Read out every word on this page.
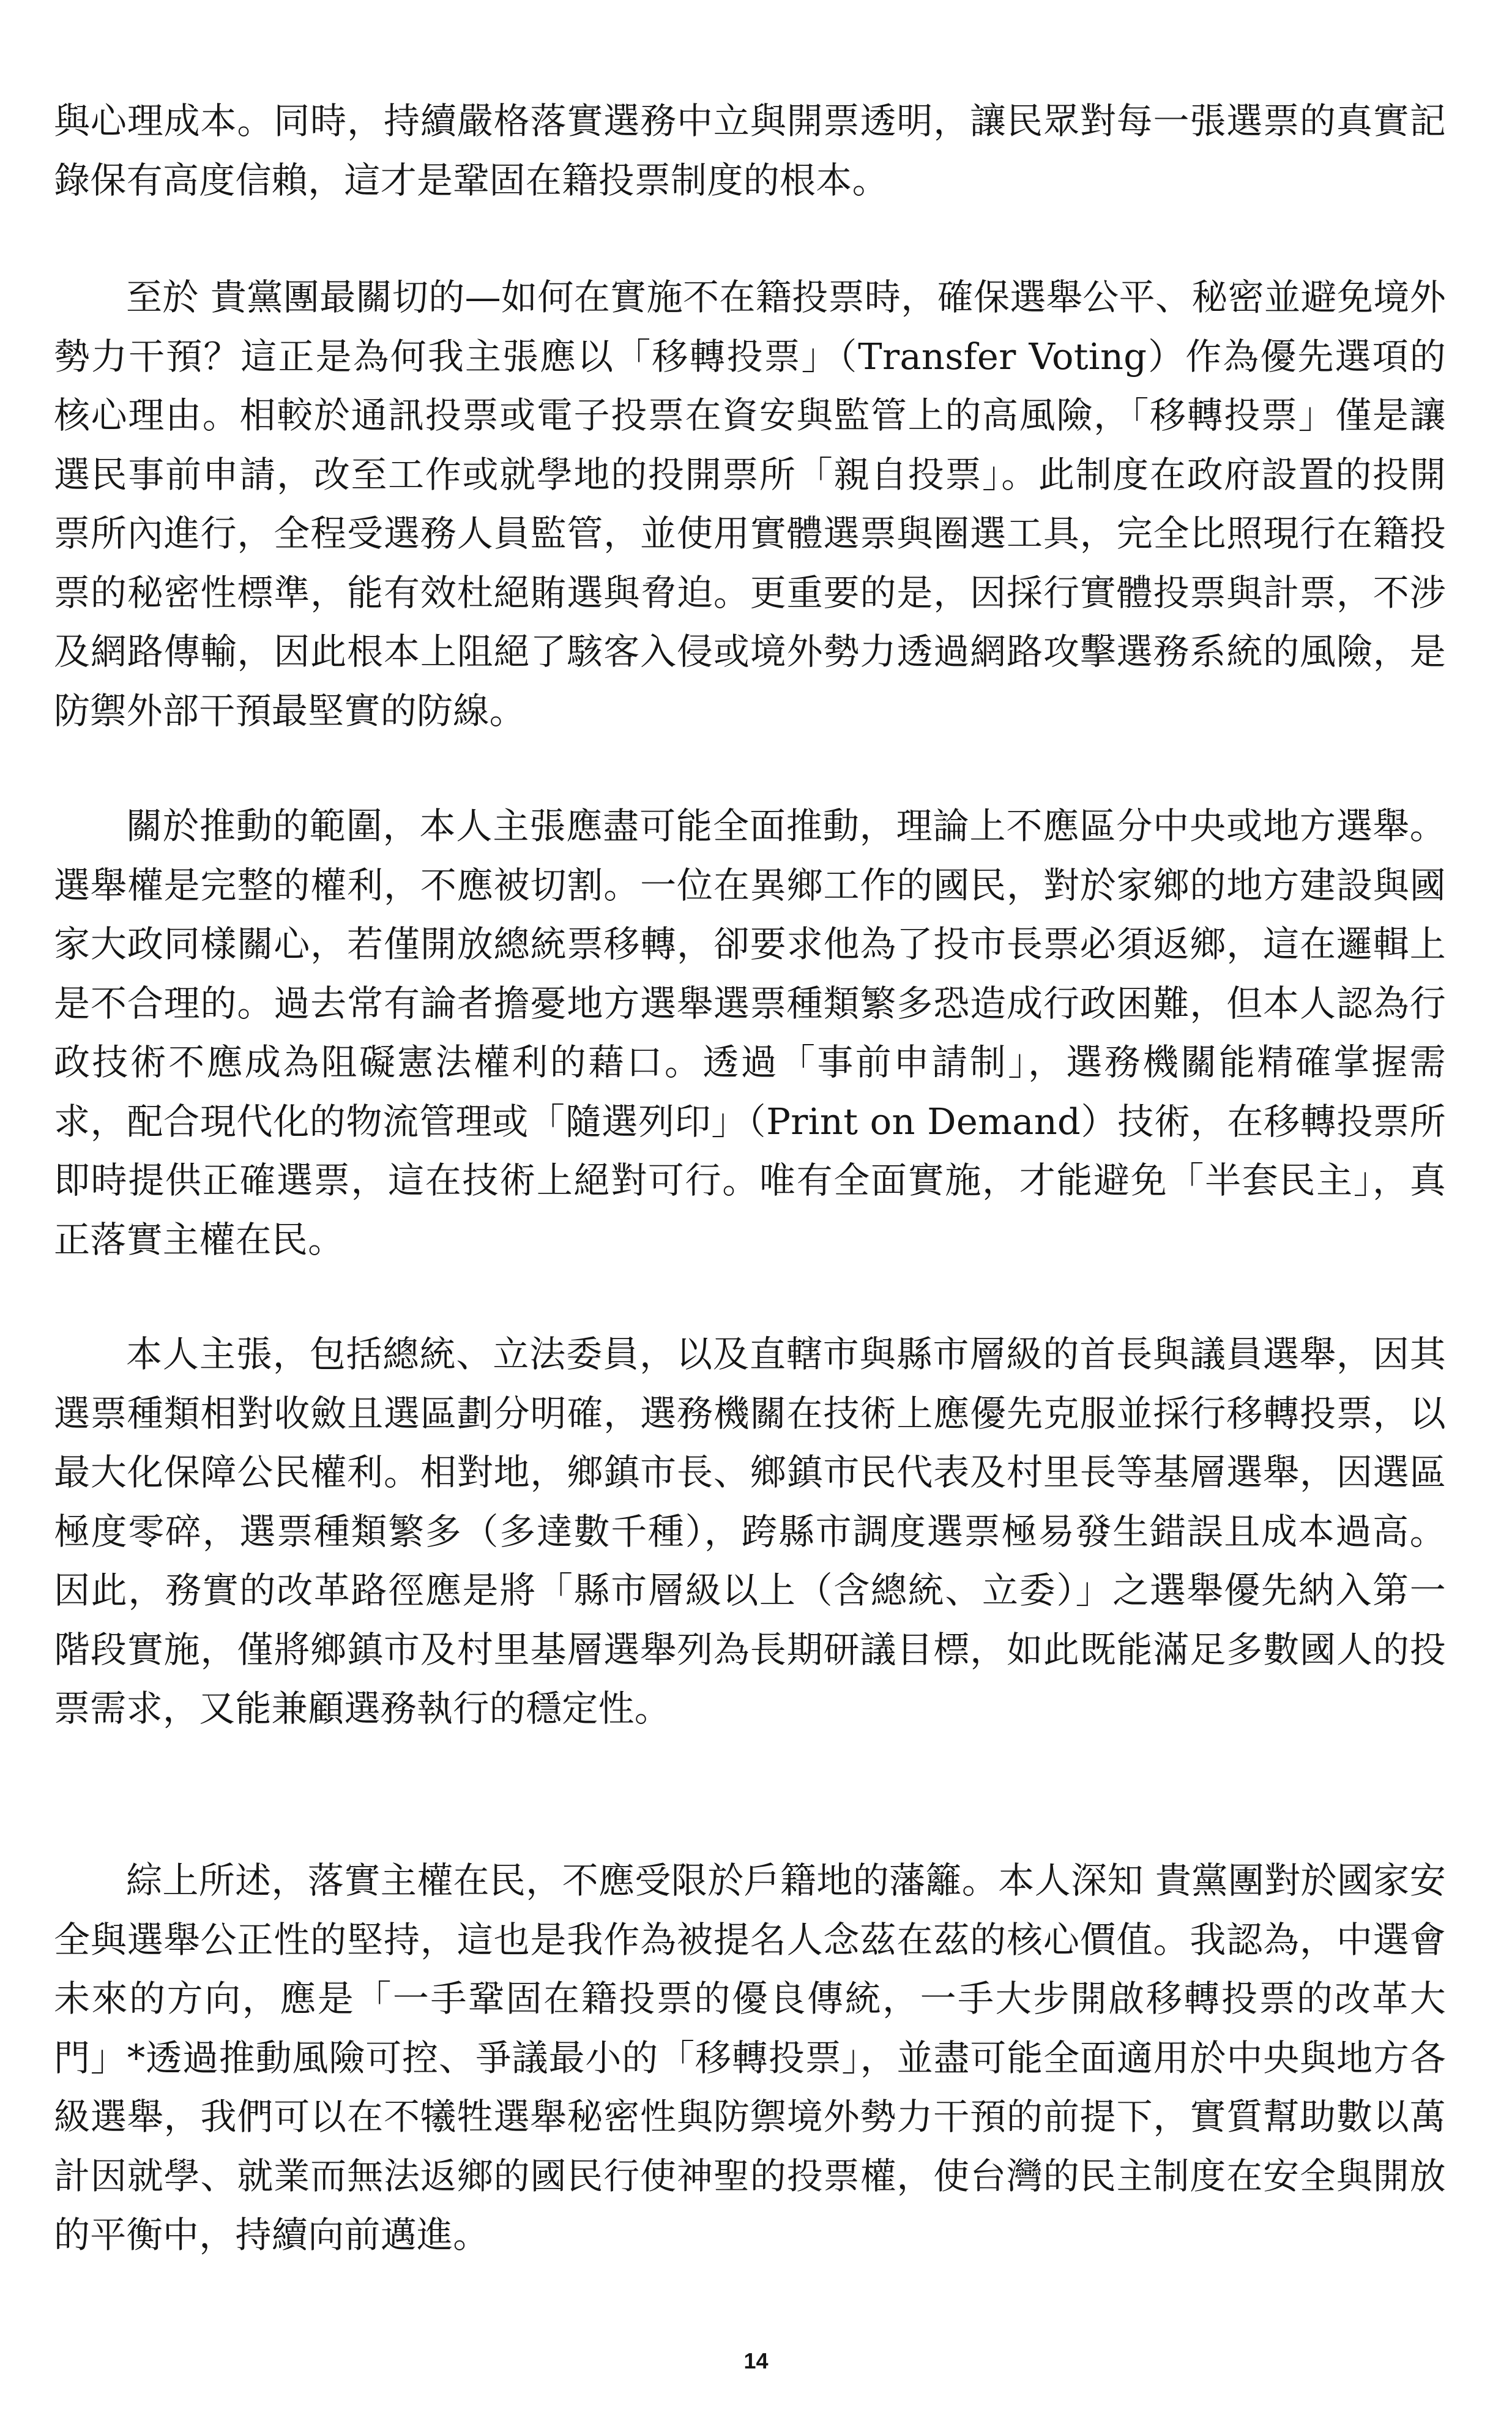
與心理成本。同時，持續嚴格落實選務中立與開票透明，讓民眾對每一張選票的真實記錄保有高度信賴，這才是鞏固在籍投票制度的根本。

至於 貴黨團最關切的—如何在實施不在籍投票時，確保選舉公平、秘密並避免境外勢力干預？這正是為何我主張應以「移轉投票」（Transfer Voting）作為優先選項的核心理由。相較於通訊投票或電子投票在資安與監管上的高風險，「移轉投票」僅是讓選民事前申請，改至工作或就學地的投開票所「親自投票」。此制度在政府設置的投開票所內進行，全程受選務人員監管，並使用實體選票與圈選工具，完全比照現行在籍投票的秘密性標準，能有效杜絕賄選與脅迫。更重要的是，因採行實體投票與計票，不涉及網路傳輸，因此根本上阻絕了駭客入侵或境外勢力透過網路攻擊選務系統的風險，是防禦外部干預最堅實的防線。

關於推動的範圍，本人主張應盡可能全面推動，理論上不應區分中央或地方選舉。選舉權是完整的權利，不應被切割。一位在異鄉工作的國民，對於家鄉的地方建設與國家大政同樣關心，若僅開放總統票移轉，卻要求他為了投市長票必須返鄉，這在邏輯上是不合理的。過去常有論者擔憂地方選舉選票種類繁多恐造成行政困難，但本人認為行政技術不應成為阻礙憲法權利的藉口。透過「事前申請制」，選務機關能精確掌握需求，配合現代化的物流管理或「隨選列印」（Print on Demand）技術，在移轉投票所即時提供正確選票，這在技術上絕對可行。唯有全面實施，才能避免「半套民主」，真正落實主權在民。

本人主張，包括總統、立法委員，以及直轄市與縣市層級的首長與議員選舉，因其選票種類相對收斂且選區劃分明確，選務機關在技術上應優先克服並採行移轉投票，以最大化保障公民權利。相對地，鄉鎮市長、鄉鎮市民代表及村里長等基層選舉，因選區極度零碎，選票種類繁多（多達數千種），跨縣市調度選票極易發生錯誤且成本過高。因此，務實的改革路徑應是將「縣市層級以上（含總統、立委）」之選舉優先納入第一階段實施，僅將鄉鎮市及村里基層選舉列為長期研議目標，如此既能滿足多數國人的投票需求，又能兼顧選務執行的穩定性。

綜上所述，落實主權在民，不應受限於戶籍地的藩籬。本人深知 貴黨團對於國家安全與選舉公正性的堅持，這也是我作為被提名人念茲在茲的核心價值。我認為，中選會未來的方向，應是「一手鞏固在籍投票的優良傳統，一手大步開啟移轉投票的改革大門」*透過推動風險可控、爭議最小的「移轉投票」，並盡可能全面適用於中央與地方各級選舉，我們可以在不犧牲選舉秘密性與防禦境外勢力干預的前提下，實質幫助數以萬計因就學、就業而無法返鄉的國民行使神聖的投票權，使台灣的民主制度在安全與開放的平衡中，持續向前邁進。

14
